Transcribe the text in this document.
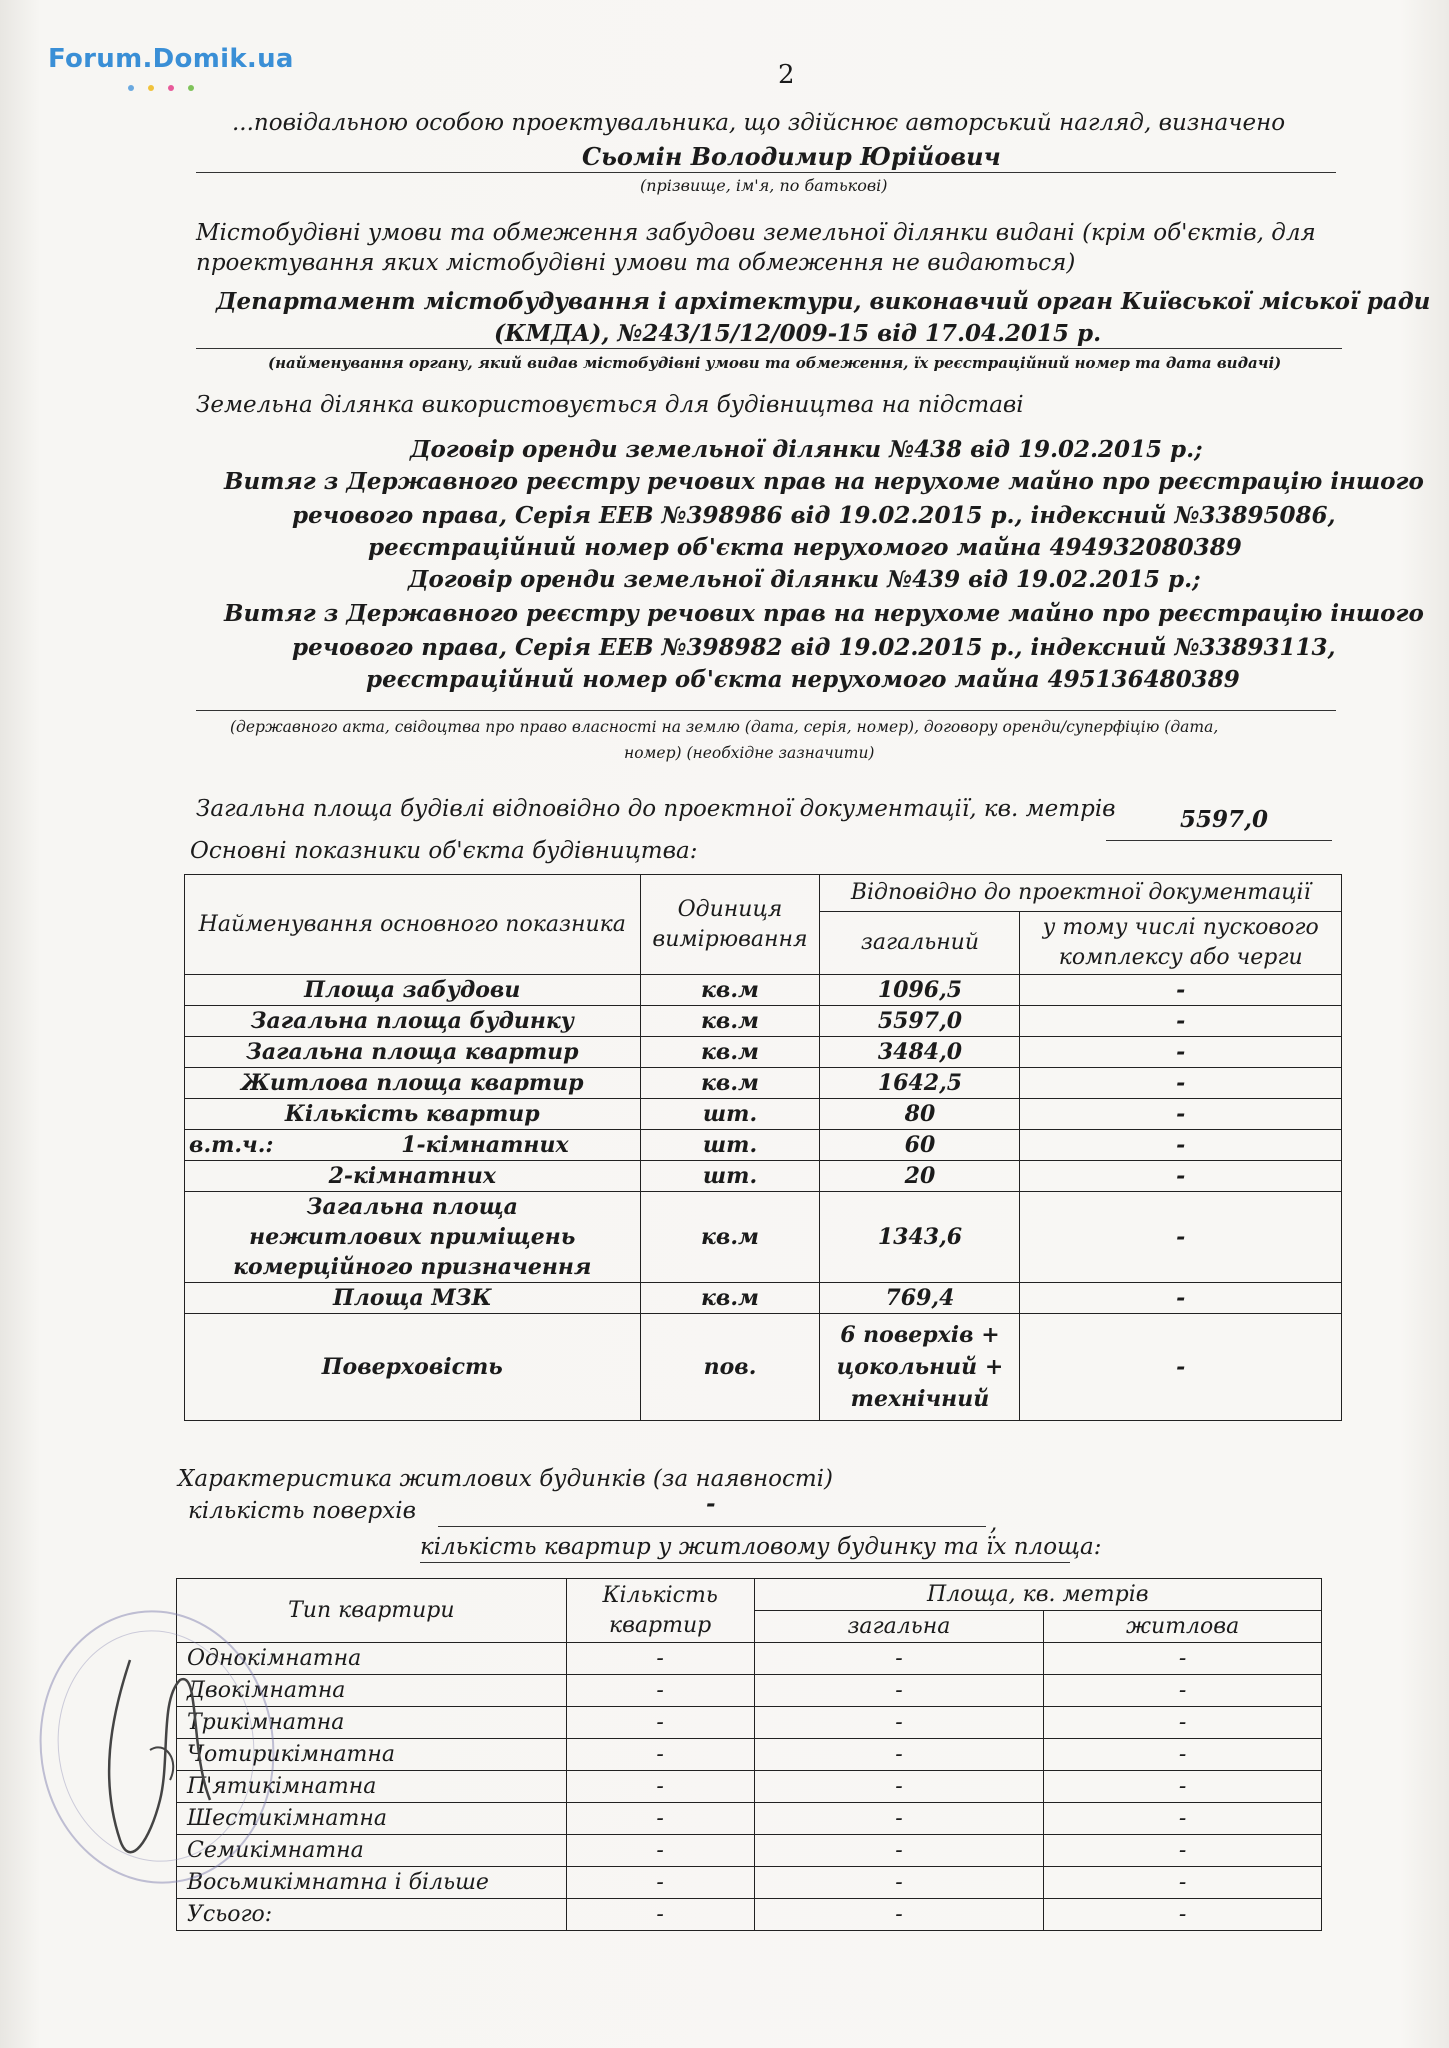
Forum.Domik.ua
2
...повідальною особою проектувальника, що здійснює авторський нагляд, визначено
Сьомін Володимир Юрійович
(прізвище, ім'я, по батькові)
Містобудівні умови та обмеження забудови земельної ділянки видані (крім об'єктів, для
проектування яких містобудівні умови та обмеження не видаються)
Департамент містобудування і архітектури, виконавчий орган Київської міської ради
(КМДА), №243/15/12/009-15 від 17.04.2015 р.
(найменування органу, який видав містобудівні умови та обмеження, їх реєстраційний номер та дата видачі)
Земельна ділянка використовується для будівництва на підставі
Договір оренди земельної ділянки №438 від 19.02.2015 р.;
Витяг з Державного реєстру речових прав на нерухоме майно про реєстрацію іншого
речового права, Серія ЕЕВ №398986 від 19.02.2015 р., індексний №33895086,
реєстраційний номер об'єкта нерухомого майна 494932080389
Договір оренди земельної ділянки №439 від 19.02.2015 р.;
Витяг з Державного реєстру речових прав на нерухоме майно про реєстрацію іншого
речового права, Серія ЕЕВ №398982 від 19.02.2015 р., індексний №33893113,
реєстраційний номер об'єкта нерухомого майна 495136480389
(державного акта, свідоцтва про право власності на землю (дата, серія, номер), договору оренди/суперфіцію (дата,
номер) (необхідне зазначити)
Загальна площа будівлі відповідно до проектної документації, кв. метрів	5597,0
Основні показники об'єкта будівництва:
Найменування основного показника	Одиниця вимірювання	Відповідно до проектної документації	
		загальний	у тому числі пускового комплексу або черги
Площа забудови	кв.м	1096,5	-
Загальна площа будинку	кв.м	5597,0	-
Загальна площа квартир	кв.м	3484,0	-
Житлова площа квартир	кв.м	1642,5	-
Кількість квартир	шт.	80	-
в.т.ч.: 1-кімнатних	шт.	60	-
2-кімнатних	шт.	20	-
Загальна площа нежитлових приміщень комерційного призначення	кв.м	1343,6	-
Площа МЗК	кв.м	769,4	-
Поверховість	пов.	6 поверхів + цокольний + технічний	-
Характеристика житлових будинків (за наявності)
кількість поверхів	-
,
кількість квартир у житловому будинку та їх площа:
Тип квартири	Кількість квартир	Площа, кв. метрів	
		загальна	житлова
Однокімнатна	-	-	-
Двокімнатна	-	-	-
Трикімнатна	-	-	-
Чотирикімнатна	-	-	-
П'ятикімнатна	-	-	-
Шестикімнатна	-	-	-
Семикімнатна	-	-	-
Восьмикімнатна і більше	-	-	-
Усього:	-	-	-
